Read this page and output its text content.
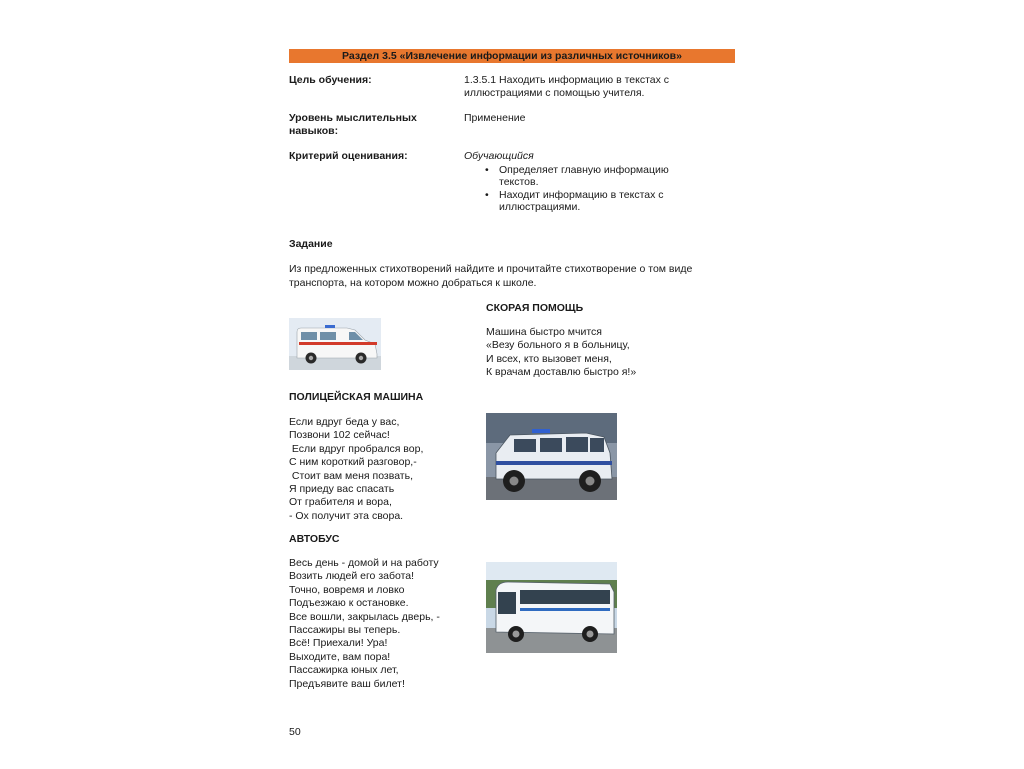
Раздел 3.5 «Извлечение информации из различных источников»
Цель обучения:	1.3.5.1 Находить информацию в текстах с
иллюстрациями с помощью учителя.
Уровень мыслительных
навыков:
Применение
Критерий оценивания:	Обучающийся
• Определяет главную информацию
текстов.
• Находит информацию в текстах с
иллюстрациями.
Задание
Из предложенных стихотворений найдите и прочитайте стихотворение о том виде
транспорта, на котором можно добраться к школе.
СКОРАЯ ПОМОЩЬ
Машина быстро мчится
«Везу больного я в больницу,
И всех, кто вызовет меня,
К врачам доставлю быстро я!»
ПОЛИЦЕЙСКАЯ МАШИНА
Если вдруг беда у вас,
Позвони 102 сейчас!
Если вдруг пробрался вор,
С ним короткий разговор,-
Стоит вам меня позвать,
Я приеду вас спасать
От грабителя и вора,
- Ох получит эта свора.
АВТОБУС
Весь день - домой и на работу
Возить людей его забота!
Точно, вовремя и ловко
Подъезжаю к остановке.
Все вошли, закрылась дверь, -
Пассажиры вы теперь.
Всё! Приехали! Ура!
Выходите, вам пора!
Пассажирка юных лет,
Предъявите ваш билет!
50
